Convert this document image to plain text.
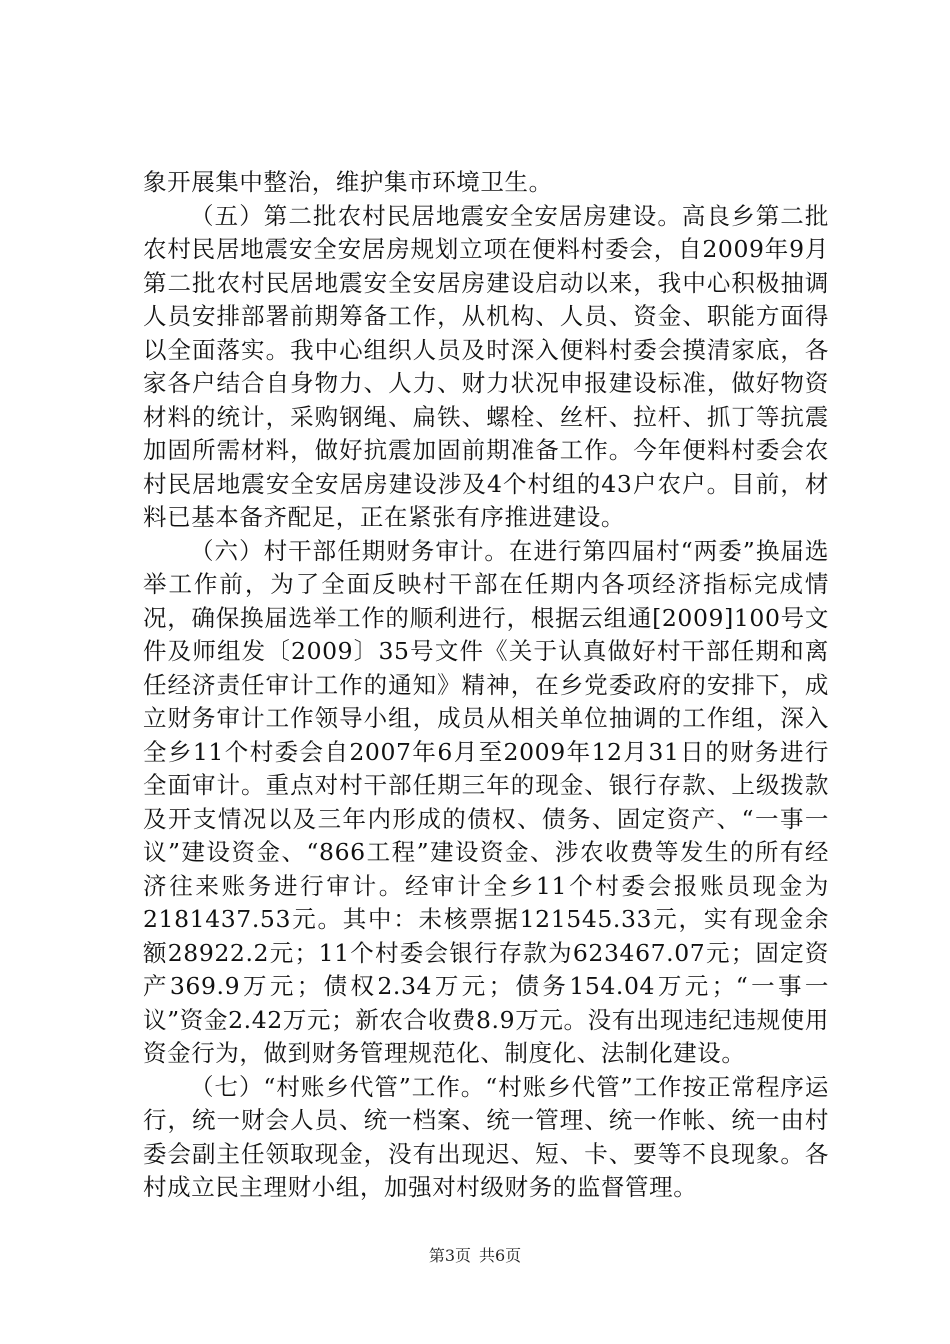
象开展集中整治，维护集市环境卫生。

（五）第二批农村民居地震安全安居房建设。高良乡第二批农村民居地震安全安居房规划立项在便料村委会，自2009年9月第二批农村民居地震安全安居房建设启动以来，我中心积极抽调人员安排部署前期筹备工作，从机构、人员、资金、职能方面得以全面落实。我中心组织人员及时深入便料村委会摸清家底，各家各户结合自身物力、人力、财力状况申报建设标准，做好物资材料的统计，采购钢绳、扁铁、螺栓、丝杆、拉杆、抓丁等抗震加固所需材料，做好抗震加固前期准备工作。今年便料村委会农村民居地震安全安居房建设涉及4个村组的43户农户。目前，材料已基本备齐配足，正在紧张有序推进建设。

（六）村干部任期财务审计。在进行第四届村“两委”换届选举工作前，为了全面反映村干部在任期内各项经济指标完成情况，确保换届选举工作的顺利进行，根据云组通[2009]100号文件及师组发〔2009〕35号文件《关于认真做好村干部任期和离任经济责任审计工作的通知》精神，在乡党委政府的安排下，成立财务审计工作领导小组，成员从相关单位抽调的工作组，深入全乡11个村委会自2007年6月至2009年12月31日的财务进行全面审计。重点对村干部任期三年的现金、银行存款、上级拨款及开支情况以及三年内形成的债权、债务、固定资产、“一事一议”建设资金、“866工程”建设资金、涉农收费等发生的所有经济往来账务进行审计。经审计全乡11个村委会报账员现金为2181437.53元。其中：未核票据121545.33元，实有现金余额28922.2元；11个村委会银行存款为623467.07元；固定资产369.9万元；债权2.34万元；债务154.04万元；“一事一议”资金2.42万元；新农合收费8.9万元。没有出现违纪违规使用资金行为，做到财务管理规范化、制度化、法制化建设。

（七）“村账乡代管”工作。“村账乡代管”工作按正常程序运行，统一财会人员、统一档案、统一管理、统一作帐、统一由村委会副主任领取现金，没有出现迟、短、卡、要等不良现象。各村成立民主理财小组，加强对村级财务的监督管理。

第3页 共6页
